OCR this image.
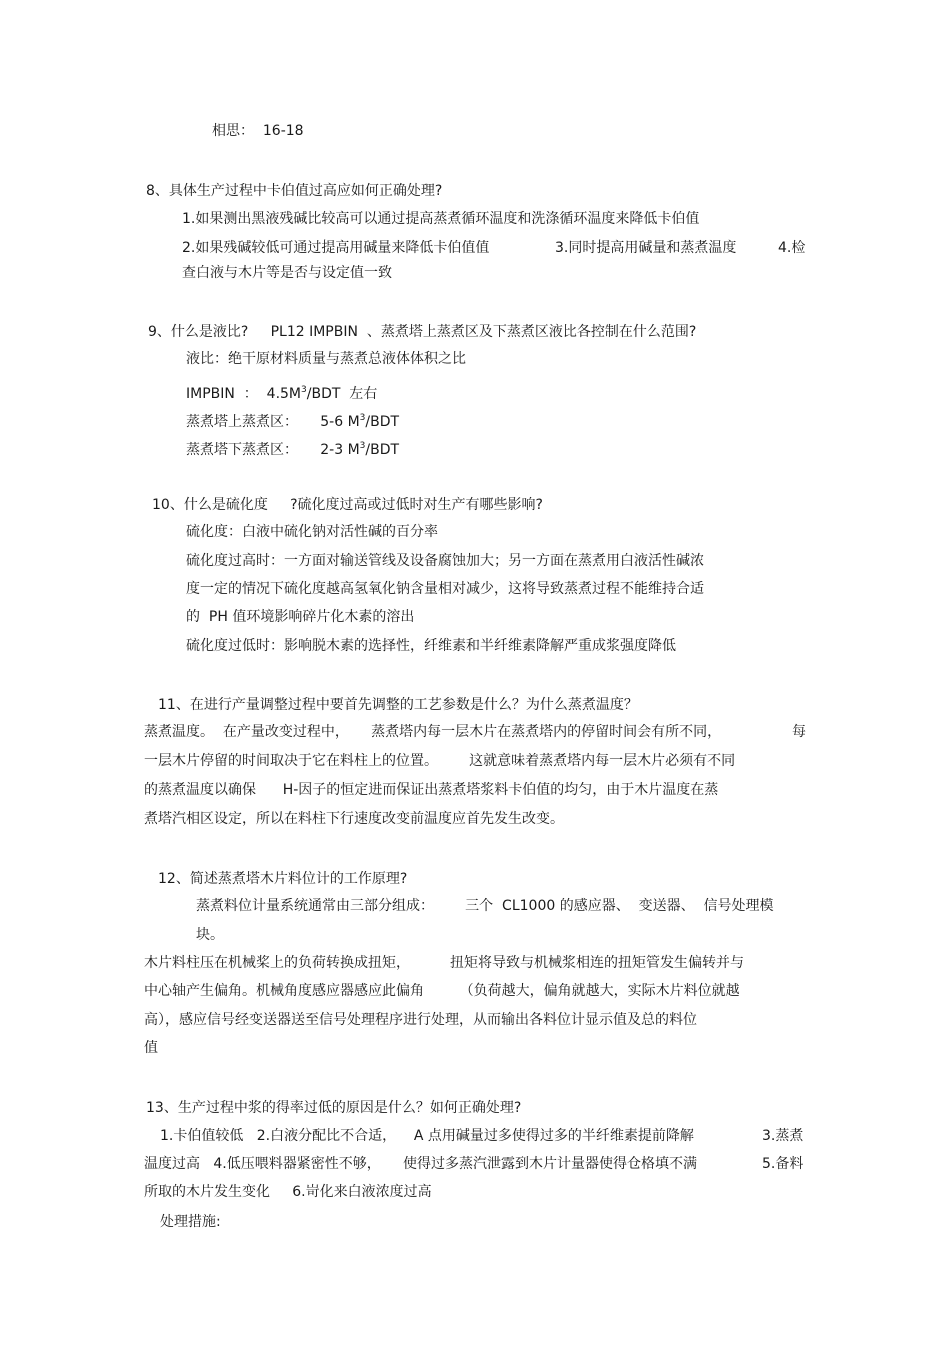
相思：  16-18
8、具体生产过程中卡伯值过高应如何正确处理?
1.如果测出黑液残碱比较高可以通过提高蒸煮循环温度和洗涤循环温度来降低卡伯值
2.如果残碱较低可通过提高用碱量来降低卡伯值值	3.同时提高用碱量和蒸煮温度	4.检
查白液与木片等是否与设定值一致
9、什么是液比?     PL12 IMPBIN  、蒸煮塔上蒸煮区及下蒸煮区液比各控制在什么范围?
液比：绝干原材料质量与蒸煮总液体体积之比
IMPBIN  ：  $4.5M^3$/BDT  左右
蒸煮塔上蒸煮区：     5-6 $M^3$/BDT
蒸煮塔下蒸煮区：     2-3 $M^3$/BDT
10、什么是硫化度     ?硫化度过高或过低时对生产有哪些影响?
硫化度：白液中硫化钠对活性碱的百分率
硫化度过高时：一方面对输送管线及设备腐蚀加大；另一方面在蒸煮用白液活性碱浓
度一定的情况下硫化度越高氢氧化钠含量相对减少，这将导致蒸煮过程不能维持合适
的  PH 值环境影响碎片化木素的溶出
硫化度过低时：影响脱木素的选择性，纤维素和半纤维素降解严重成浆强度降低
11、在进行产量调整过程中要首先调整的工艺参数是什么？为什么蒸煮温度？
蒸煮温度。  在产量改变过程中，     蒸煮塔内每一层木片在蒸煮塔内的停留时间会有所不同，	每
一层木片停留的时间取决于它在料柱上的位置。       这就意味着蒸煮塔内每一层木片必须有不同
的蒸煮温度以确保      H-因子的恒定进而保证出蒸煮塔浆料卡伯值的均匀，由于木片温度在蒸
煮塔汽相区设定，所以在料柱下行速度改变前温度应首先发生改变。
12、简述蒸煮塔木片料位计的工作原理?
蒸煮料位计量系统通常由三部分组成：       三个  CL1000 的感应器、  变送器、  信号处理模
块。
木片料柱压在机械桨上的负荷转换成扭矩，         扭矩将导致与机械浆相连的扭矩管发生偏转并与
中心轴产生偏角。机械角度感应器感应此偏角        （负荷越大，偏角就越大，实际木片料位就越
高），感应信号经变送器送至信号处理程序进行处理，从而输出各料位计显示值及总的料位
值
13、生产过程中浆的得率过低的原因是什么？如何正确处理?
1.卡伯值较低   2.白液分配比不合适，    A 点用碱量过多使得过多的半纤维素提前降解	3.蒸煮
温度过高   4.低压喂料器紧密性不够，     使得过多蒸汽泄露到木片计量器使得仓格填不满	5.备料
所取的木片发生变化     6.岢化来白液浓度过高
处理措施:
